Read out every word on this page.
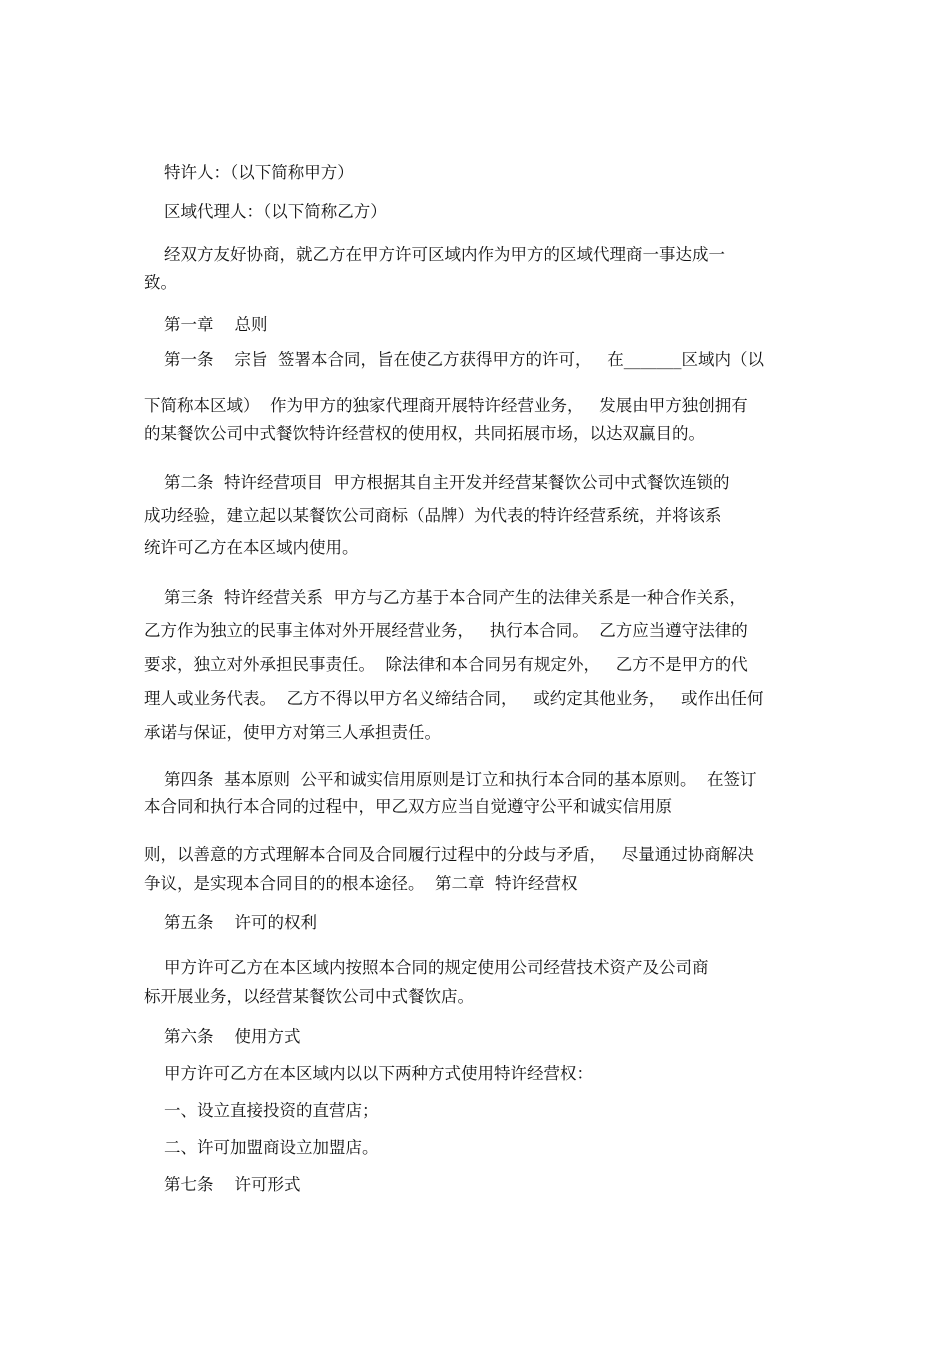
特许人：（以下简称甲方）

区域代理人：（以下简称乙方）

经双方友好协商，就乙方在甲方许可区域内作为甲方的区域代理商一事达成一

致。

第一章    总则

第一条    宗旨  签署本合同，旨在使乙方获得甲方的许可，   在_______区域内（以

下简称本区域）  作为甲方的独家代理商开展特许经营业务，   发展由甲方独创拥有

的某餐饮公司中式餐饮特许经营权的使用权，共同拓展市场，以达双赢目的。

第二条  特许经营项目  甲方根据其自主开发并经营某餐饮公司中式餐饮连锁的

成功经验，建立起以某餐饮公司商标（品牌）为代表的特许经营系统，并将该系

统许可乙方在本区域内使用。

第三条  特许经营关系  甲方与乙方基于本合同产生的法律关系是一种合作关系，

乙方作为独立的民事主体对外开展经营业务，   执行本合同。  乙方应当遵守法律的

要求，独立对外承担民事责任。  除法律和本合同另有规定外，   乙方不是甲方的代

理人或业务代表。  乙方不得以甲方名义缔结合同，   或约定其他业务，   或作出任何

承诺与保证，使甲方对第三人承担责任。

第四条  基本原则  公平和诚实信用原则是订立和执行本合同的基本原则。  在签订

本合同和执行本合同的过程中，甲乙双方应当自觉遵守公平和诚实信用原

则，以善意的方式理解本合同及合同履行过程中的分歧与矛盾，   尽量通过协商解决

争议，是实现本合同目的的根本途径。  第二章  特许经营权

第五条    许可的权利

甲方许可乙方在本区域内按照本合同的规定使用公司经营技术资产及公司商

标开展业务，以经营某餐饮公司中式餐饮店。

第六条    使用方式

甲方许可乙方在本区域内以以下两种方式使用特许经营权：

一、设立直接投资的直营店；

二、许可加盟商设立加盟店。

第七条    许可形式
